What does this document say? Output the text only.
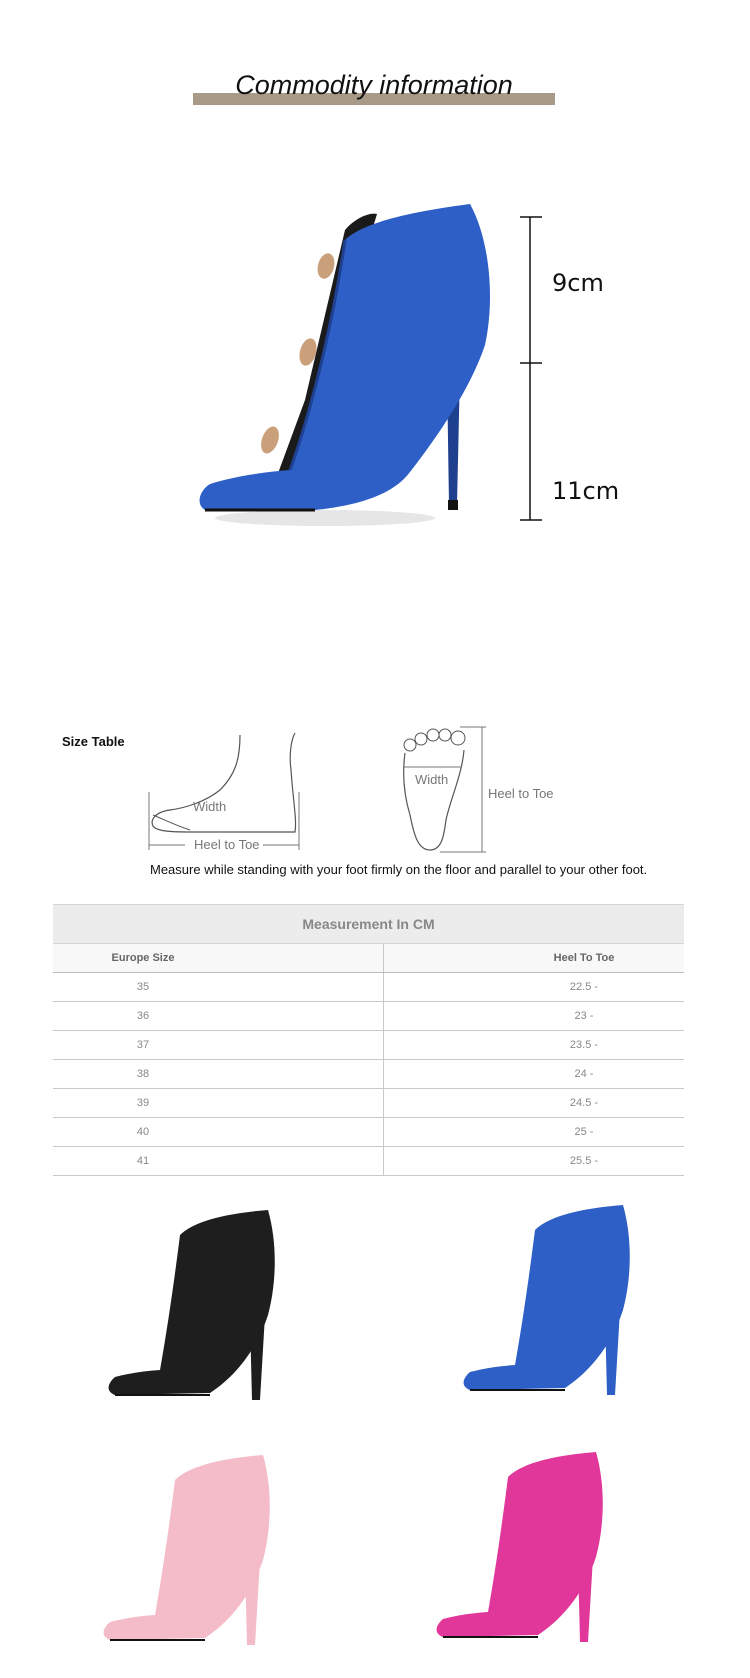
Commodity information
9cm
11cm
Size Table
Width
Heel to Toe
Width
Heel to Toe
Measure while standing with your foot firmly on the floor and parallel to your other foot.
Measurement In CM
Europe Size	Heel To Toe
35	22.5 -
36	23 -
37	23.5 -
38	24 -
39	24.5 -
40	25 -
41	25.5 -
